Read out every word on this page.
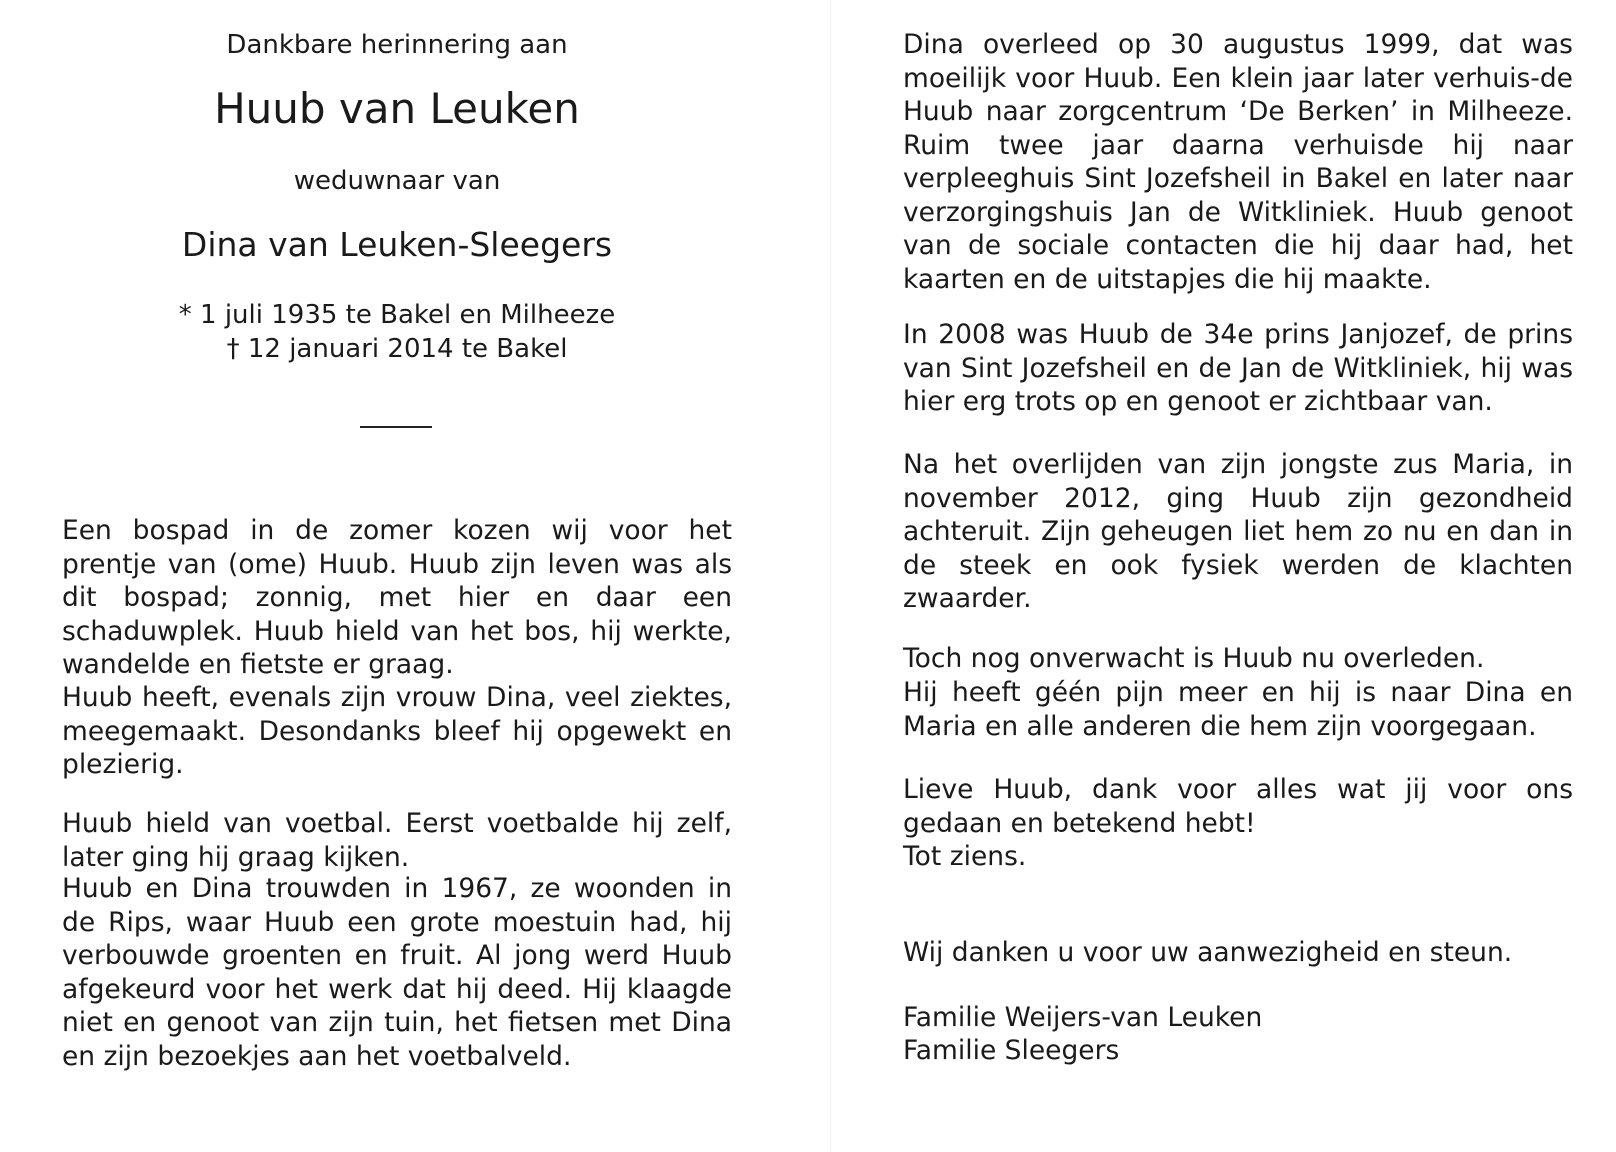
Dankbare herinnering aan
Huub van Leuken
weduwnaar van
Dina van Leuken-Sleegers
* 1 juli 1935 te Bakel en Milheeze
† 12 januari 2014 te Bakel

Een bospad in de zomer kozen wij voor het prentje van (ome) Huub. Huub zijn leven was als dit bospad; zonnig, met hier en daar een schaduwplek. Huub hield van het bos, hij werkte, wandelde en fietste er graag.

Huub heeft, evenals zijn vrouw Dina, veel ziektes, meegemaakt. Desondanks bleef hij opgewekt en plezierig.

Huub hield van voetbal. Eerst voetbalde hij zelf, later ging hij graag kijken.

Huub en Dina trouwden in 1967, ze woonden in de Rips, waar Huub een grote moestuin had, hij verbouwde groenten en fruit. Al jong werd Huub afgekeurd voor het werk dat hij deed. Hij klaagde niet en genoot van zijn tuin, het fietsen met Dina en zijn bezoekjes aan het voetbalveld.

Dina overleed op 30 augustus 1999, dat was moeilijk voor Huub. Een klein jaar later verhuis-de Huub naar zorgcentrum ‘De Berken’ in Milheeze. Ruim twee jaar daarna verhuisde hij naar verpleeghuis Sint Jozefsheil in Bakel en later naar verzorgingshuis Jan de Witkliniek. Huub genoot van de sociale contacten die hij daar had, het kaarten en de uitstapjes die hij maakte.

In 2008 was Huub de 34e prins Janjozef, de prins van Sint Jozefsheil en de Jan de Witkliniek, hij was hier erg trots op en genoot er zichtbaar van.

Na het overlijden van zijn jongste zus Maria, in november 2012, ging Huub zijn gezondheid achteruit. Zijn geheugen liet hem zo nu en dan in de steek en ook fysiek werden de klachten zwaarder.

Toch nog onverwacht is Huub nu overleden.

Hij heeft géén pijn meer en hij is naar Dina en Maria en alle anderen die hem zijn voorgegaan.

Lieve Huub, dank voor alles wat jij voor ons gedaan en betekend hebt!

Tot ziens.

Wij danken u voor uw aanwezigheid en steun.

Familie Weijers-van Leuken

Familie Sleegers
